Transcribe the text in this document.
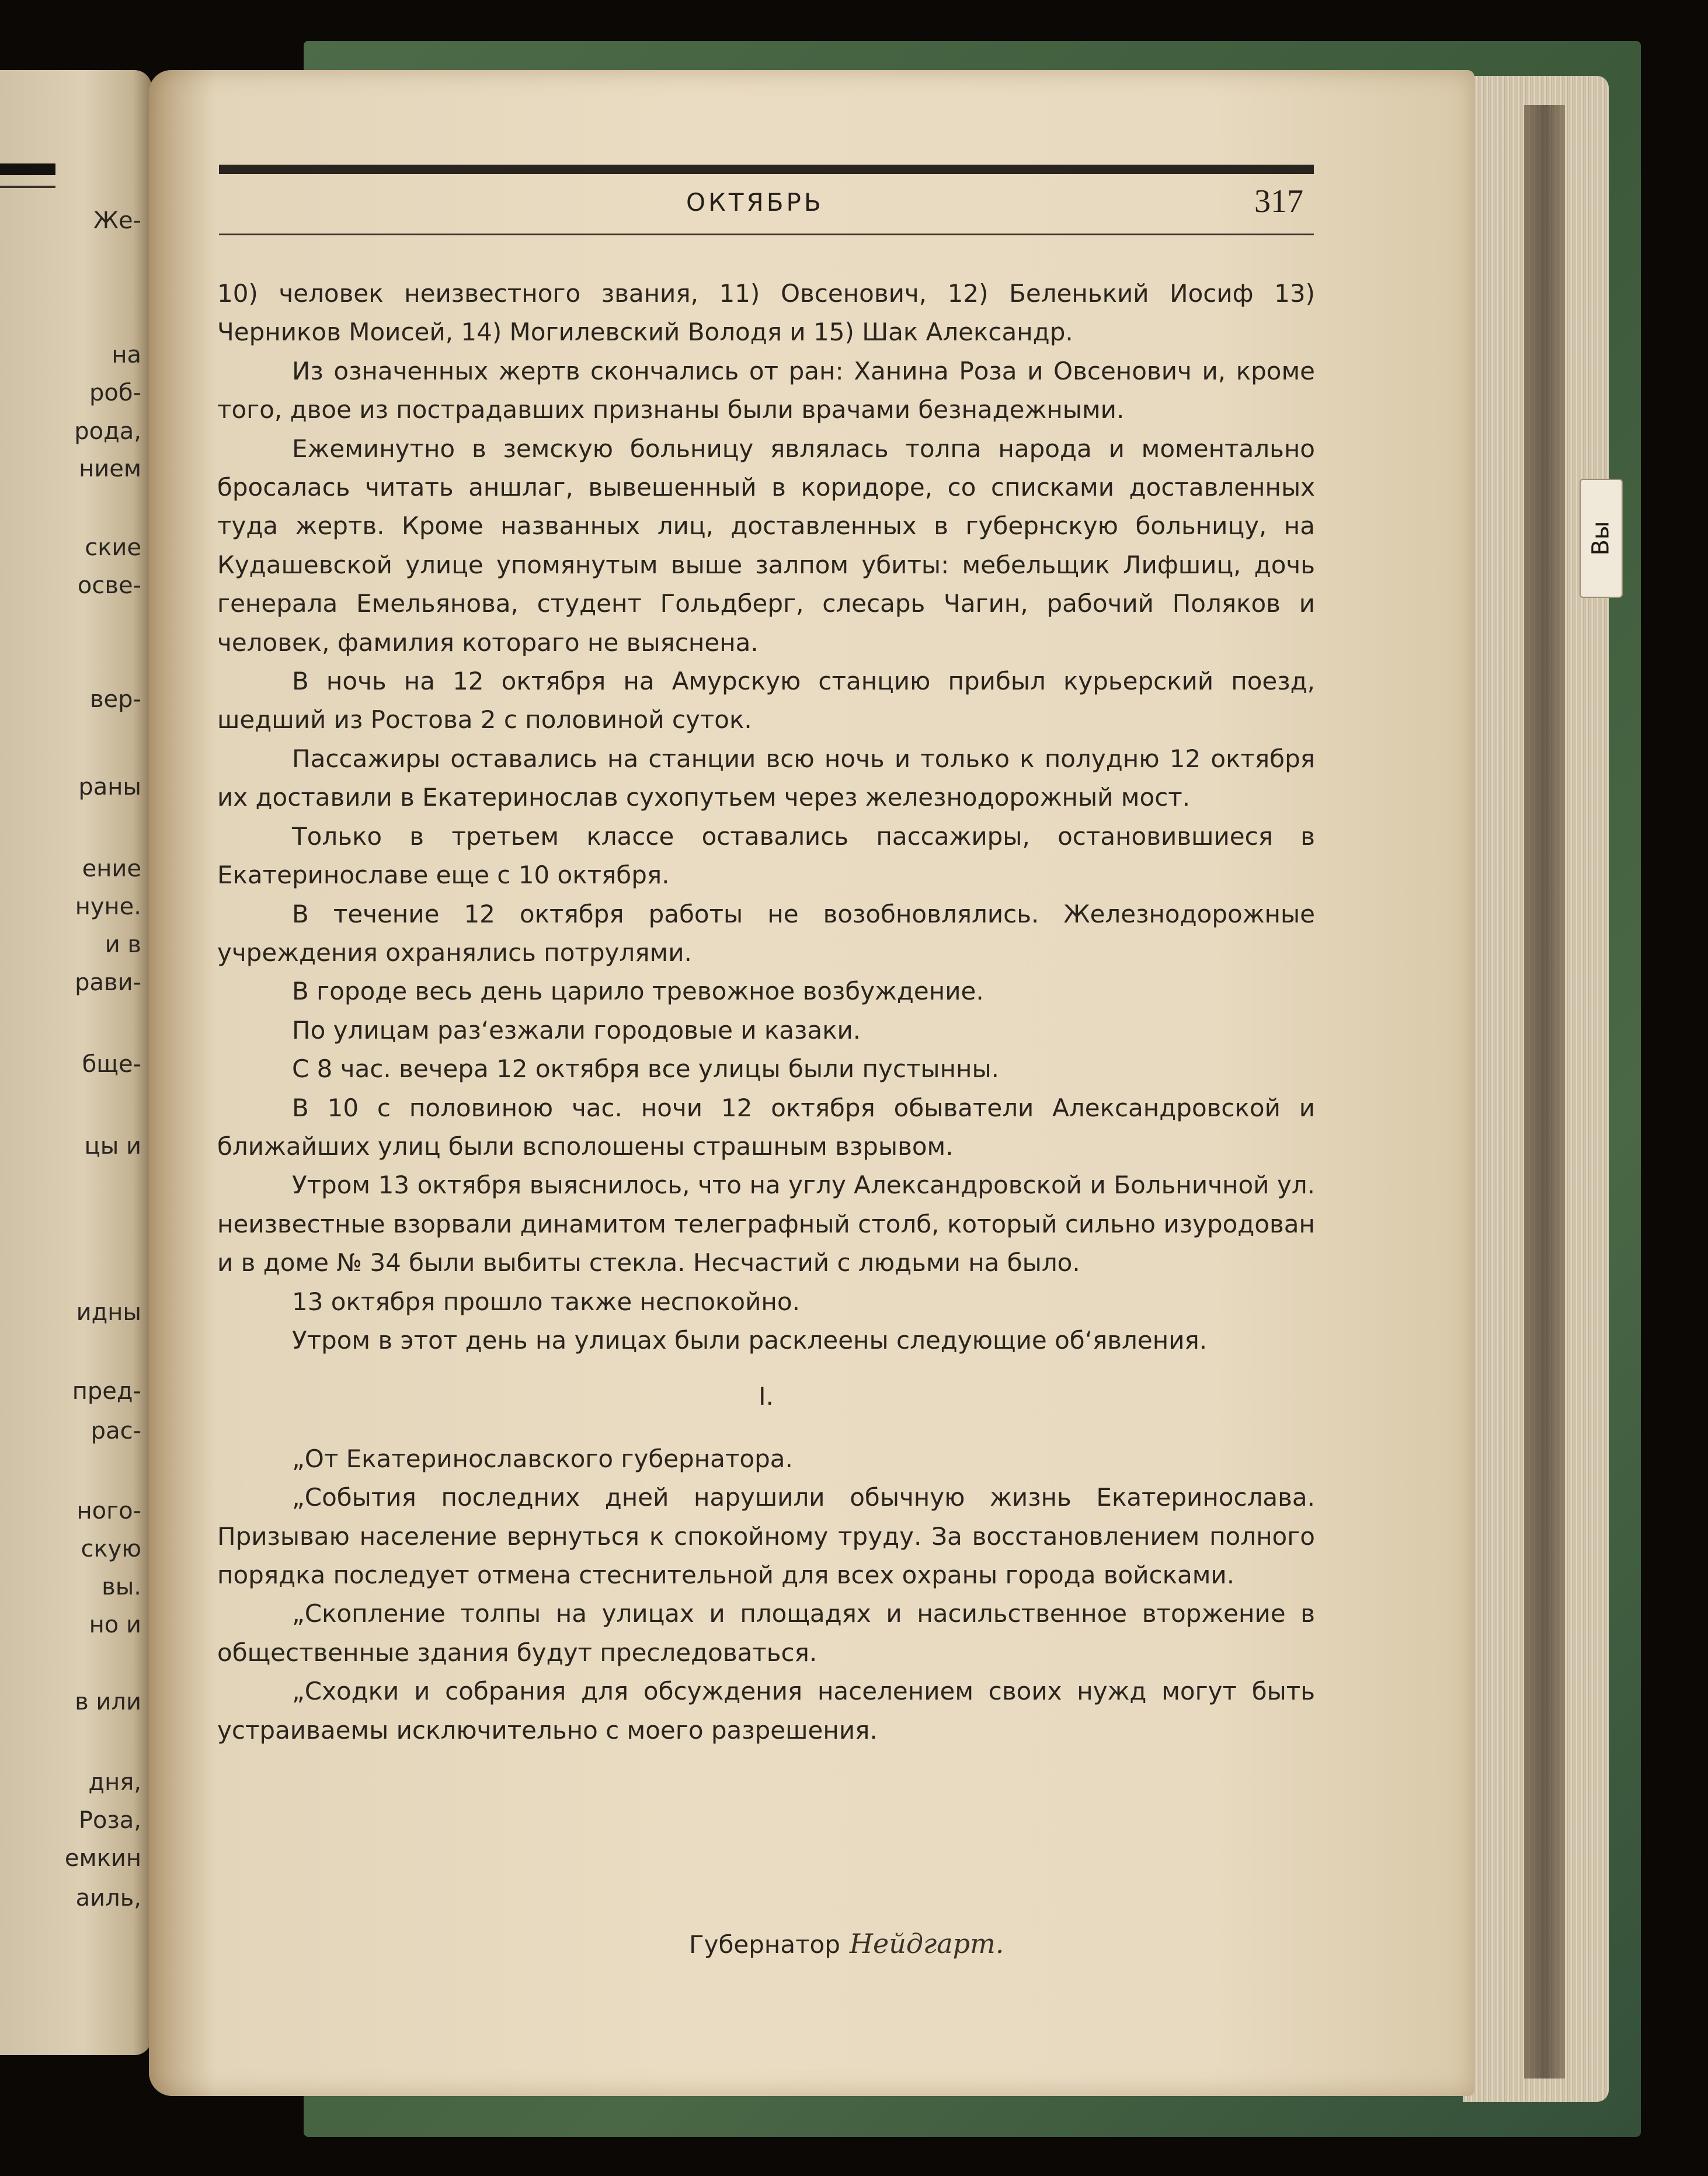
Же-
на
роб-
рода,
нием
ские
осве-
вер-
раны
ение
нуне.
и в
рави-
бще-
цы и
идны
пред-
рас-
ного-
скую
вы.
но и
в или
дня,
Роза,
емкин
аиль,
Вы
ОКТЯБРЬ	317

10) человек неизвестного звания, 11) Овсенович, 12) Беленький Иосиф 13) Черников Моисей, 14) Могилевский Володя и 15) Шак Александр.

Из означенных жертв скончались от ран: Ханина Роза и Овсенович и, кроме того, двое из пострадавших признаны были врачами безнадежными.

Ежеминутно в земскую больницу являлась толпа народа и моментально бросалась читать аншлаг, вывешенный в коридоре, со списками доставленных туда жертв. Кроме названных лиц, доставленных в губернскую больницу, на Кудашевской улице упомянутым выше залпом убиты: мебельщик Лифшиц, дочь генерала Емельянова, студент Гольдберг, слесарь Чагин, рабочий Поляков и человек, фамилия котораго не выяснена.

В ночь на 12 октября на Амурскую станцию прибыл курьерский поезд, шедший из Ростова 2 с половиной суток.

Пассажиры оставались на станции всю ночь и только к полудню 12 октября их доставили в Екатеринослав сухопутьем через железнодорожный мост.

Только в третьем классе оставались пассажиры, остановившиеся в Екатеринославе еще с 10 октября.

В течение 12 октября работы не возобновлялись. Железнодорожные учреждения охранялись потрулями.

В городе весь день царило тревожное возбуждение.

По улицам раз‘езжали городовые и казаки.

С 8 час. вечера 12 октября все улицы были пустынны.

В 10 с половиною час. ночи 12 октября обыватели Александровской и ближайших улиц были всполошены страшным взрывом.

Утром 13 октября выяснилось, что на углу Александровской и Больничной ул. неизвестные взорвали динамитом телеграфный столб, который сильно изуродован и в доме № 34 были выбиты стекла. Несчастий с людьми на было.

13 октября прошло также неспокойно.

Утром в этот день на улицах были расклеены следующие об‘явления.

I.

„От Екатеринославского губернатора.

„События последних дней нарушили обычную жизнь Екатеринослава. Призываю население вернуться к спокойному труду. За восстановлением полного порядка последует отмена стеснительной для всех охраны города войсками.

„Скопление толпы на улицах и площадях и насильственное вторжение в общественные здания будут преследоваться.

„Сходки и собрания для обсуждения населением своих нужд могут быть устраиваемы исключительно с моего разрешения.

Губернатор Нейдгарт.
